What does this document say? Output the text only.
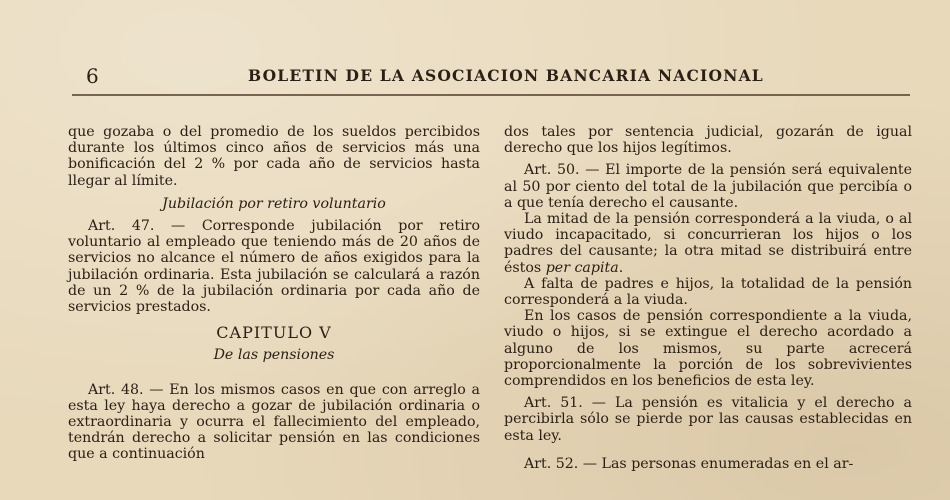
6	BOLETIN DE LA ASOCIACION BANCARIA NACIONAL

que gozaba o del promedio de los sueldos percibidos durante los últimos cinco años de servicios más una bonificación del 2 % por cada año de servicios hasta llegar al límite.

Jubilación por retiro voluntario

Art. 47. — Corresponde jubilación por retiro voluntario al empleado que teniendo más de 20 años de servicios no alcance el número de años exigidos para la jubilación ordinaria. Esta jubilación se calculará a razón de un 2 % de la jubilación ordinaria por cada año de servicios prestados.

CAPITULO V

De las pensiones

Art. 48. — En los mismos casos en que con arreglo a esta ley haya derecho a gozar de jubilación ordinaria o extraordinaria y ocurra el fallecimiento del empleado, tendrán derecho a solicitar pensión en las condiciones que a continuación

dos tales por sentencia judicial, gozarán de igual derecho que los hijos legítimos.

Art. 50. — El importe de la pensión será equivalente al 50 por ciento del total de la jubilación que percibía o a que tenía derecho el causante.

La mitad de la pensión corresponderá a la viuda, o al viudo incapacitado, si concurrieran los hijos o los padres del causante; la otra mitad se distribuirá entre éstos per capita.

A falta de padres e hijos, la totalidad de la pensión corresponderá a la viuda.

En los casos de pensión correspondiente a la viuda, viudo o hijos, si se extingue el derecho acordado a alguno de los mismos, su parte acrecerá proporcionalmente la porción de los sobrevivientes comprendidos en los beneficios de esta ley.

Art. 51. — La pensión es vitalicia y el derecho a percibirla sólo se pierde por las causas establecidas en esta ley.

Art. 52. — Las personas enumeradas en el ar-
